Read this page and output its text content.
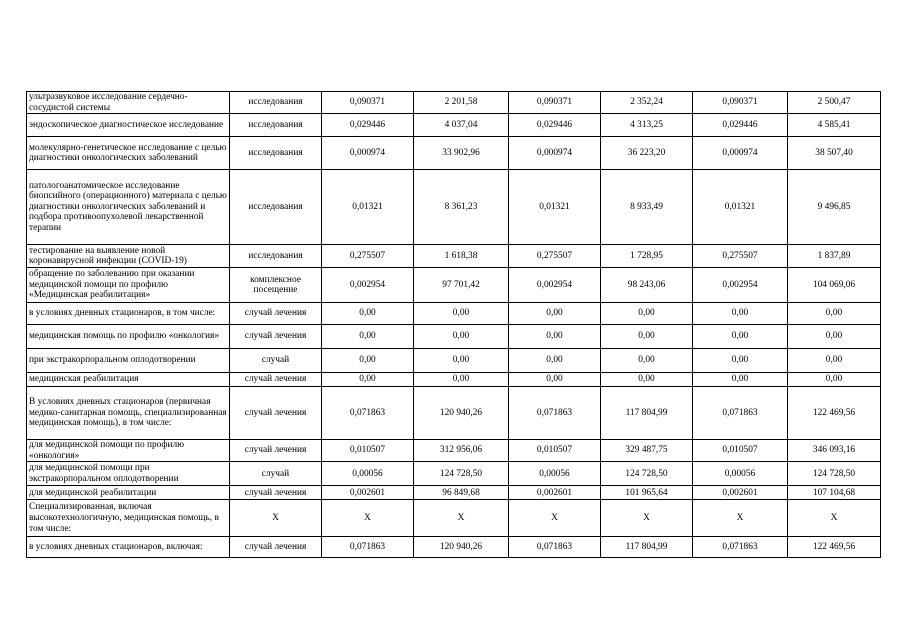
ультразвуковое исследование сердечно-сосудистой системы	исследования	0,090371	2 201,58	0,090371	2 352,24	0,090371	2 500,47
эндоскопическое диагностическое исследование	исследования	0,029446	4 037,04	0,029446	4 313,25	0,029446	4 585,41
молекулярно-генетическое исследование с целью диагностики онкологических заболеваний	исследования	0,000974	33 902,96	0,000974	36 223,20	0,000974	38 507,40
патологоанатомическое исследование биопсийного (операционного) материала с целью диагностики онкологических заболеваний и подбора противоопухолевой лекарственной терапии	исследования	0,01321	8 361,23	0,01321	8 933,49	0,01321	9 496,85
тестирование на выявление новой коронавирусной инфекции (COVID-19)	исследования	0,275507	1 618,38	0,275507	1 728,95	0,275507	1 837,89
обращение по заболеванию при оказании медицинской помощи по профилю «Медицинская реабилитация»	комплексное посещение	0,002954	97 701,42	0,002954	98 243,06	0,002954	104 069,06
в условиях дневных стационаров, в том числе:	случай лечения	0,00	0,00	0,00	0,00	0,00	0,00
медицинская помощь по профилю «онкология»	случай лечения	0,00	0,00	0,00	0,00	0,00	0,00
при экстракорпоральном оплодотворении	случай	0,00	0,00	0,00	0,00	0,00	0,00
медицинская реабилитация	случай лечения	0,00	0,00	0,00	0,00	0,00	0,00
В условиях дневных стационаров (первичная медико-санитарная помощь, специализированная медицинская помощь), в том числе:	случай лечения	0,071863	120 940,26	0,071863	117 804,99	0,071863	122 469,56
для медицинской помощи по профилю «онкология»	случай лечения	0,010507	312 956,06	0,010507	329 487,75	0,010507	346 093,16
для медицинской помощи при экстракорпоральном оплодотворении	случай	0,00056	124 728,50	0,00056	124 728,50	0,00056	124 728,50
для медицинской реабилитации	случай лечения	0,002601	96 849,68	0,002601	101 965,64	0,002601	107 104,68
Специализированная, включая высокотехнологичную, медицинская помощь, в том числе:	Х	Х	Х	Х	Х	Х	Х
в условиях дневных стационаров, включая:	случай лечения	0,071863	120 940,26	0,071863	117 804,99	0,071863	122 469,56
